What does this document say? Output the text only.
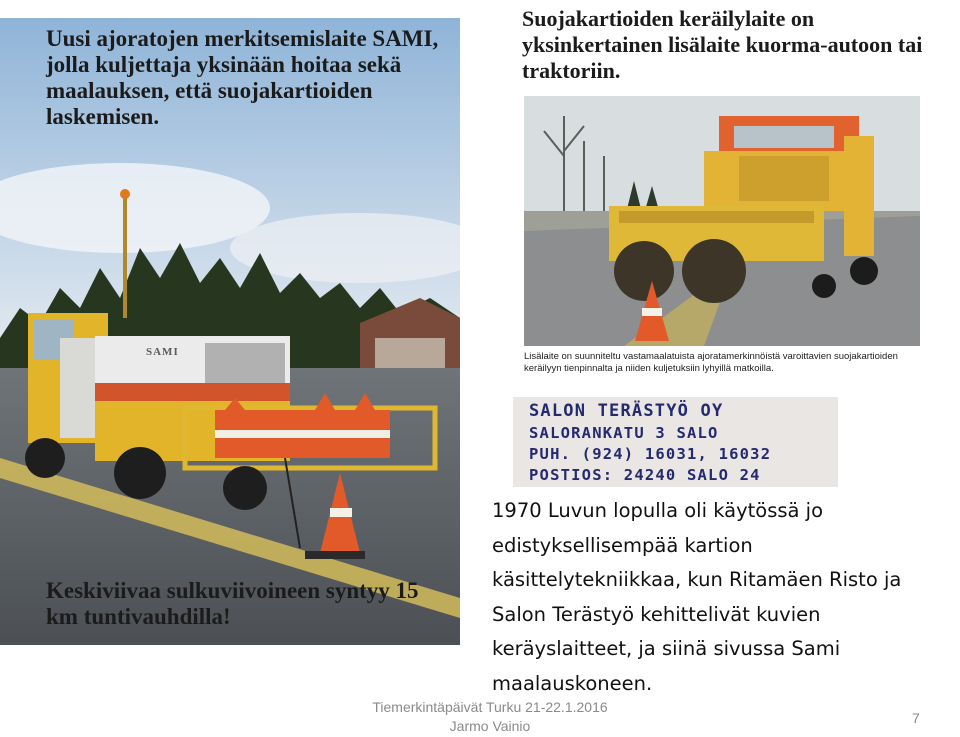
Uusi ajoratojen merkitsemislaite SAMI, jolla kuljettaja yksinään hoitaa sekä maalauksen, että suojakartioiden laskemisen.
SAMI
Keskiviivaa sulkuviivoineen syntyy 15 km tuntivauhdilla!
Suojakartioiden keräilylaite on yksinkertainen lisälaite kuorma-autoon tai traktoriin.
Lisälaite on suunniteltu vastamaalatuista ajoratamerkinnöistä varoittavien suojakartioiden keräilyyn tienpinnalta ja niiden kuljetuksiin lyhyillä matkoilla.
SALON TERÄSTYÖ OY
SALORANKATU 3 SALO
PUH. (924) 16031, 16032
POSTIOS: 24240 SALO 24
1970 Luvun lopulla oli käytössä jo edistyksellisempää kartion käsittelytekniikkaa, kun Ritamäen Risto ja Salon Terästyö kehittelivät kuvien keräyslaitteet, ja siinä sivussa Sami maalauskoneen.
Tiemerkintäpäivät Turku 21-22.1.2016
Jarmo Vainio	7
